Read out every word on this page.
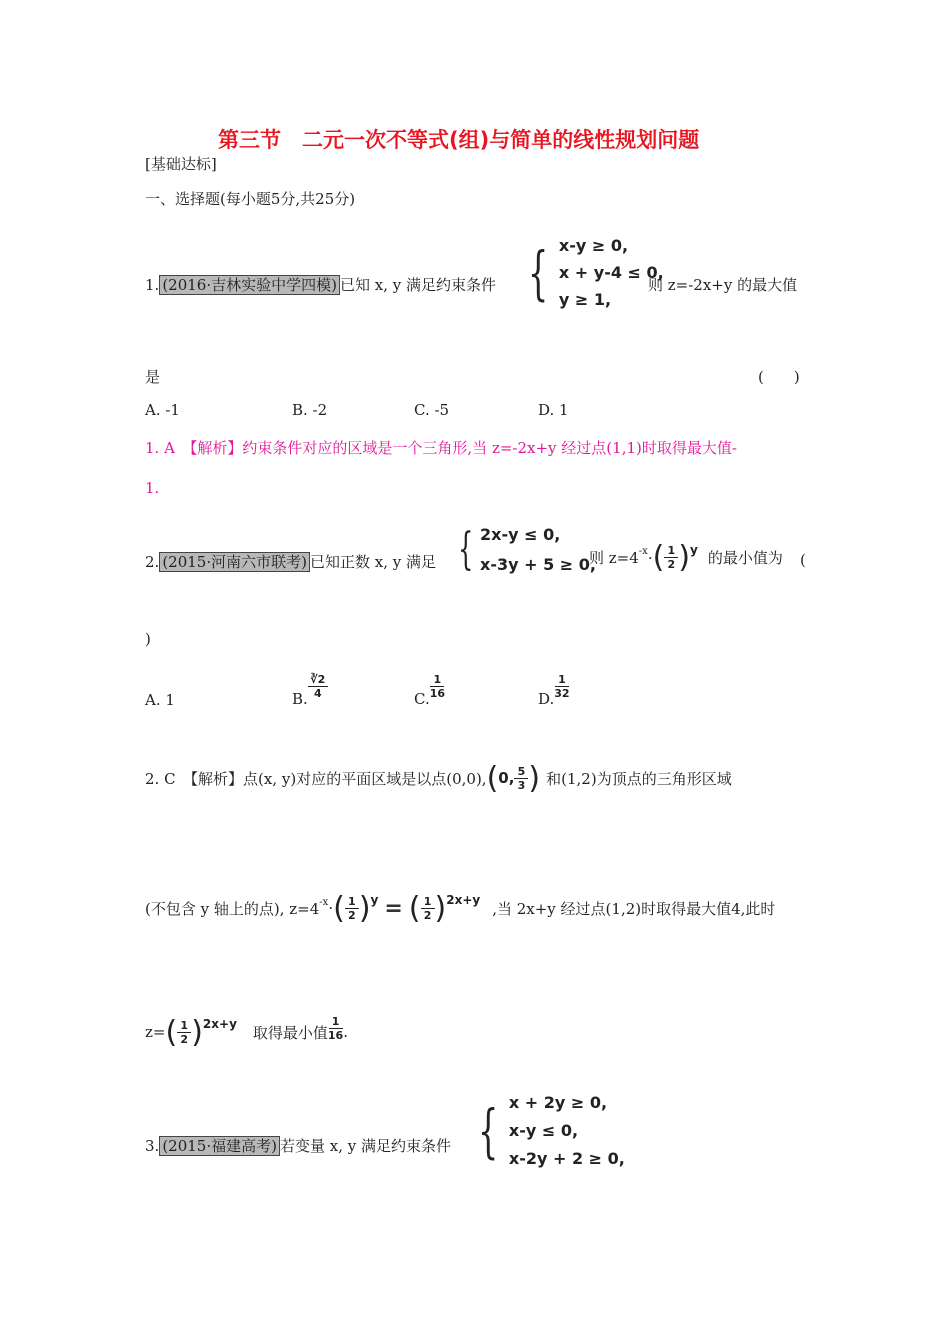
第三节　二元一次不等式(组)与简单的线性规划问题
[基础达标]
一、选择题(每小题5分,共25分)
1. (2016·吉林实验中学四模) 已知 x, y 满足约束条件 { x-y ≥ 0,
x + y-4 ≤ 0,
y ≥ 1,
则 z=-2x+y 的最大值
是	(　　)
A. -1	B. -2	C. -5	D. 1
1. A　【解析】约束条件对应的区域是一个三角形,当 z=-2x+y 经过点(1,1)时取得最大值-
1.
2. (2015·河南六市联考) 已知正数 x, y 满足 { 2x-y ≤ 0,
x-3y + 5 ≥ 0,
则 z=4 -x · ( $\frac{1}{2}$ ) y 的最小值为 (
)
A. 1	B. $\frac{∛2}{4}$	C. $\frac{1}{16}$	D. $\frac{1}{32}$
2. C　【解析】点(x, y)对应的平面区域是以点(0,0), ( 0, $\frac{5}{3}$ ) 和(1,2)为顶点的三角形区域
(不包含 y 轴上的点), z=4 -x · ( $\frac{1}{2}$ ) y = ( $\frac{1}{2}$ ) 2x+y ,当 2x+y 经过点(1,2)时取得最大值4,此时
z= ( $\frac{1}{2}$ ) 2x+y 取得最小值 $\frac{1}{16}$ .
3. (2015·福建高考) 若变量 x, y 满足约束条件 { x + 2y ≥ 0,
x-y ≤ 0,
x-2y + 2 ≥ 0,
